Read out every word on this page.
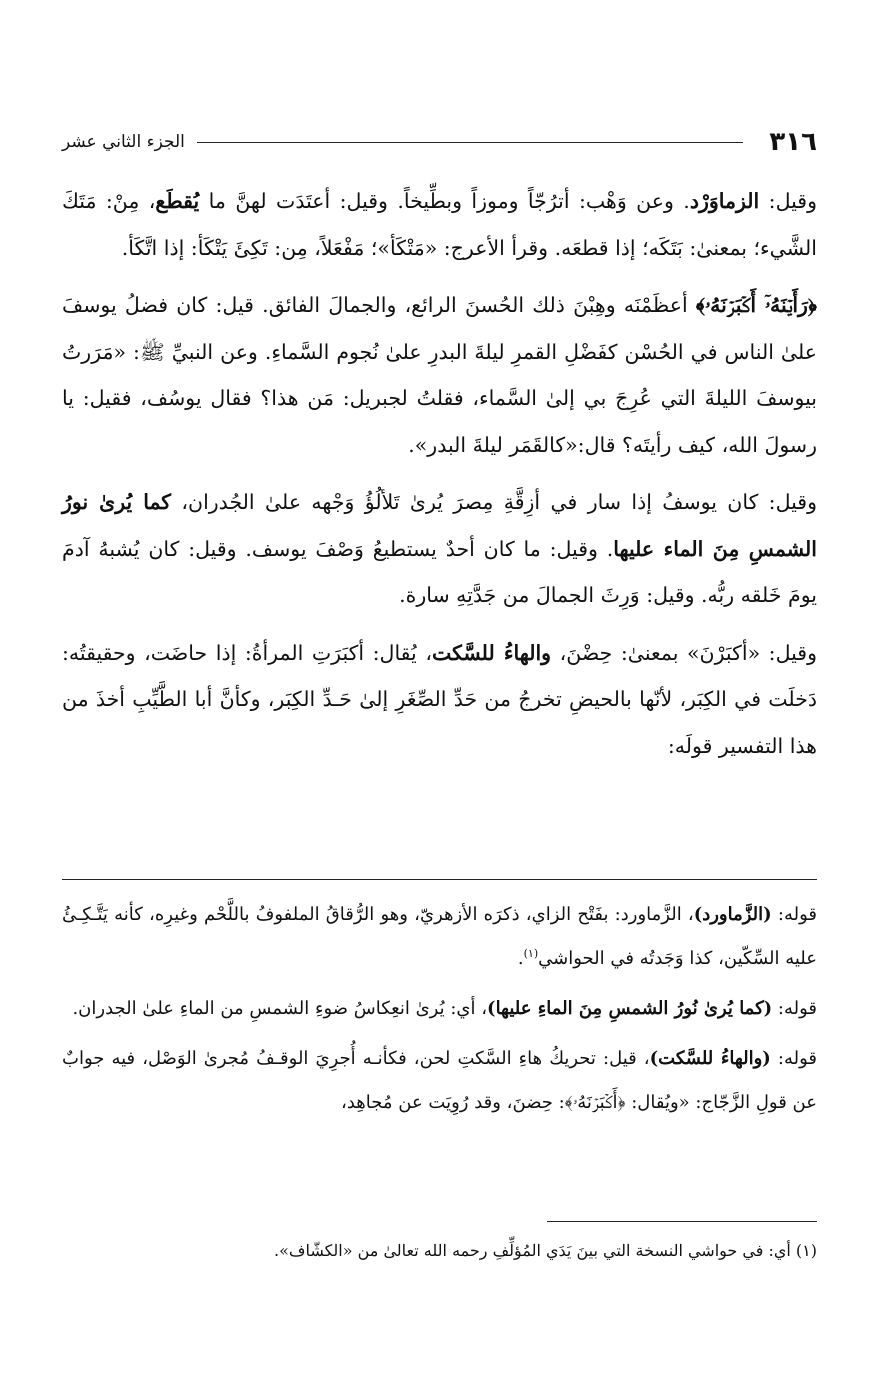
٣١٦
الجزء الثاني عشر

وقيل: الزماوَرْد. وعن وَهْب: أترُجّاً وموزاً وبطِّيخاً. وقيل: أعتَدَت لهنَّ ما يُقطَع، مِنْ: مَتَكَ الشَّيء؛ بمعنىٰ: بَتَكَه؛ إذا قطعَه. وقرأ الأعرج: «مَتْكَأ»؛ مَفْعَلاً، مِن: تَكِئَ يَتْكَأ: إذا اتَّكَأ.

﴿رَأَيۡنَهُۥٓ أَكۡبَرۡنَهُۥ﴾ أعظَمْنَه وهِبْنَ ذلك الحُسنَ الرائع، والجمالَ الفائق. قيل: كان فضلُ يوسفَ علىٰ الناس في الحُسْن كفَضْلِ القمرِ ليلةَ البدرِ علىٰ نُجوم السَّماءِ. وعن النبيِّ ﷺ: «مَرَرتُ بيوسفَ الليلةَ التي عُرِجَ بي إلىٰ السَّماء، فقلتُ لجبريل: مَن هذا؟ فقال يوسُف، فقيل: يا رسولَ الله، كيف رأيتَه؟ قال:«كالقَمَر ليلةَ البدر».

وقيل: كان يوسفُ إذا سار في أزِقَّةِ مِصرَ يُرىٰ تَلألُؤُ وَجْهه علىٰ الجُدران، كما يُرىٰ نورُ الشمسِ مِنَ الماء عليها. وقيل: ما كان أحدٌ يستطيعُ وَصْفَ يوسف. وقيل: كان يُشبهُ آدمَ يومَ خَلقه ربُّه. وقيل: وَرِثَ الجمالَ من جَدَّتِهِ سارة.

وقيل: «أكبَرْنَ» بمعنىٰ: حِضْنَ، والهاءُ للسَّكت، يُقال: أكبَرَتِ المرأةُ: إذا حاضَت، وحقيقتُه: دَخلَت في الكِبَر، لأنّها بالحيضِ تخرجُ من حَدِّ الصِّغَرِ إلىٰ حَـدِّ الكِبَر، وكأنَّ أبا الطَّيِّبِ أخذَ من هذا التفسير قولَه:

قوله: (الزَّماورد)، الزَّماورد: بفَتْح الزاي، ذكرَه الأزهريّ، وهو الرُّقاقُ الملفوفُ باللَّحْم وغيرِه، كأنه يَتَّـكِـئُ عليه السِّكّين، كذا وَجَدتُه في الحواشي$^{(١)}$.

قوله: (كما يُرىٰ نُورُ الشمسِ مِنَ الماءِ عليها)، أي: يُرىٰ انعِكاسُ ضوءِ الشمسِ من الماءِ علىٰ الجدران.

قوله: (والهاءُ للسَّكت)، قيل: تحريكُ هاءِ السَّكتِ لحن، فكأنـه أُجرِيَ الوقـفُ مُجرىٰ الوَصْل، فيه جوابٌ عن قولِ الزَّجّاج: «ويُقال: ﴿أَكۡبَرۡنَهُۥ﴾: حِضنَ، وقد رُوِيَت عن مُجاهِد،

(١) أي: في حواشي النسخة التي بينَ يَدَي المُؤلِّفِ رحمه الله تعالىٰ من «الكشّاف».
